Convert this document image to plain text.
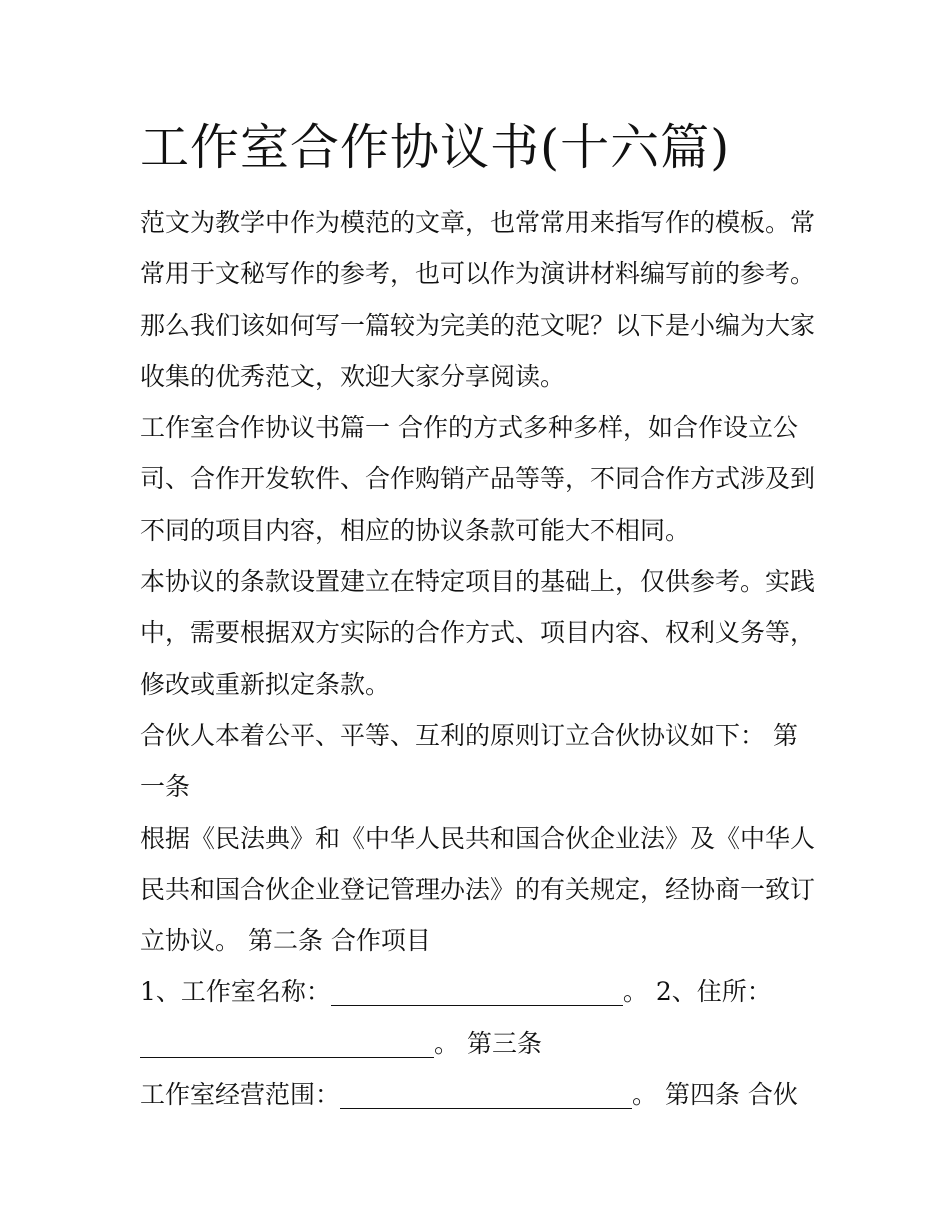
工作室合作协议书(十六篇)
范文为教学中作为模范的文章，也常常用来指写作的模板。常
常用于文秘写作的参考，也可以作为演讲材料编写前的参考。
那么我们该如何写一篇较为完美的范文呢？以下是小编为大家
收集的优秀范文，欢迎大家分享阅读。
工作室合作协议书篇一 合作的方式多种多样，如合作设立公
司、合作开发软件、合作购销产品等等，不同合作方式涉及到
不同的项目内容，相应的协议条款可能大不相同。
本协议的条款设置建立在特定项目的基础上，仅供参考。实践
中，需要根据双方实际的合作方式、项目内容、权利义务等，
修改或重新拟定条款。
合伙人本着公平、平等、互利的原则订立合伙协议如下： 第
一条
根据《民法典》和《中华人民共和国合伙企业法》及《中华人
民共和国合伙企业登记管理办法》的有关规定，经协商一致订
立协议。 第二条 合作项目
1、工作室名称：	。 2、住所：
。 第三条
工作室经营范围：	。 第四条 合伙
